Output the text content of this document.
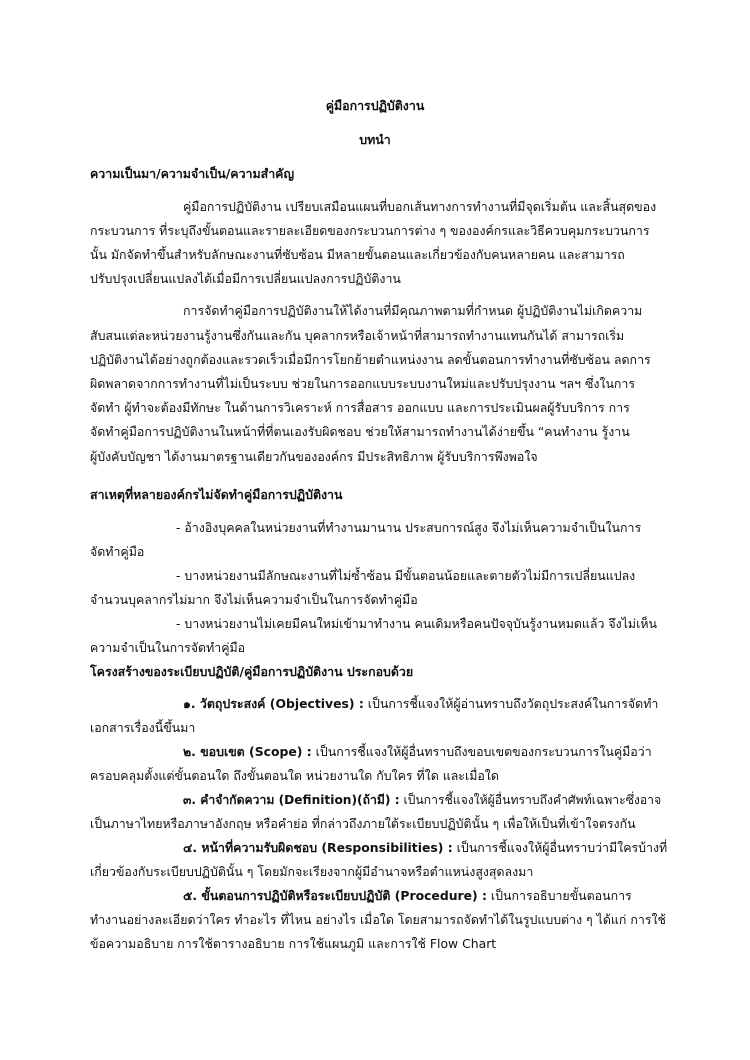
คู่มือการปฏิบัติงาน

บทนำ

ความเป็นมา/ความจำเป็น/ความสำคัญ

คู่มือการปฏิบัติงาน เปรียบเสมือนแผนที่บอกเส้นทางการทำงานที่มีจุดเริ่มต้น และสิ้นสุดของ

กระบวนการ ที่ระบุถึงขั้นตอนและรายละเอียดของกระบวนการต่าง ๆ ขององค์กรและวิธีควบคุมกระบวนการ

นั้น มักจัดทำขึ้นสำหรับลักษณะงานที่ซับซ้อน มีหลายขั้นตอนและเกี่ยวข้องกับคนหลายคน และสามารถ

ปรับปรุงเปลี่ยนแปลงได้เมื่อมีการเปลี่ยนแปลงการปฏิบัติงาน

การจัดทำคู่มือการปฏิบัติงานให้ได้งานที่มีคุณภาพตามที่กำหนด ผู้ปฏิบัติงานไม่เกิดความ

สับสนแต่ละหน่วยงานรู้งานซึ่งกันและกัน บุคลากรหรือเจ้าหน้าที่สามารถทำงานแทนกันได้ สามารถเริ่ม

ปฏิบัติงานได้อย่างถูกต้องและรวดเร็วเมื่อมีการโยกย้ายตำแหน่งงาน ลดขั้นตอนการทำงานที่ซับซ้อน ลดการ

ผิดพลาดจากการทำงานที่ไม่เป็นระบบ ช่วยในการออกแบบระบบงานใหม่และปรับปรุงงาน ฯลฯ ซึ่งในการ

จัดทำ ผู้ทำจะต้องมีทักษะ ในด้านการวิเคราะห์ การสื่อสาร ออกแบบ และการประเมินผลผู้รับบริการ การ

จัดทำคู่มือการปฏิบัติงานในหน้าที่ที่ตนเองรับผิดชอบ ช่วยให้สามารถทำงานได้ง่ายขึ้น “คนทำงาน รู้งาน

ผู้บังคับบัญชา ได้งานมาตรฐานเดียวกันขององค์กร มีประสิทธิภาพ ผู้รับบริการพึงพอใจ

สาเหตุที่หลายองค์กรไม่จัดทำคู่มือการปฏิบัติงาน

- อ้างอิงบุคคลในหน่วยงานที่ทำงานมานาน ประสบการณ์สูง จึงไม่เห็นความจำเป็นในการ

จัดทำคู่มือ

- บางหน่วยงานมีลักษณะงานที่ไม่ซ้ำซ้อน มีขั้นตอนน้อยและตายตัวไม่มีการเปลี่ยนแปลง

จำนวนบุคลากรไม่มาก จึงไม่เห็นความจำเป็นในการจัดทำคู่มือ

- บางหน่วยงานไม่เคยมีคนใหม่เข้ามาทำงาน คนเดิมหรือคนปัจจุบันรู้งานหมดแล้ว จึงไม่เห็น

ความจำเป็นในการจัดทำคู่มือ

โครงสร้างของระเบียบปฏิบัติ/คู่มือการปฏิบัติงาน ประกอบด้วย

๑. วัตถุประสงค์ (Objectives) : เป็นการชี้แจงให้ผู้อ่านทราบถึงวัตถุประสงค์ในการจัดทำ

เอกสารเรื่องนี้ขึ้นมา

๒. ขอบเขต (Scope) : เป็นการชี้แจงให้ผู้อื่นทราบถึงขอบเขตของกระบวนการในคู่มือว่า

ครอบคลุมตั้งแต่ขั้นตอนใด ถึงขั้นตอนใด หน่วยงานใด กับใคร ที่ใด และเมื่อใด

๓. คำจำกัดความ (Definition)(ถ้ามี) : เป็นการชี้แจงให้ผู้อื่นทราบถึงคำศัพท์เฉพาะซึ่งอาจ

เป็นภาษาไทยหรือภาษาอังกฤษ หรือคำย่อ ที่กล่าวถึงภายใต้ระเบียบปฏิบัตินั้น ๆ เพื่อให้เป็นที่เข้าใจตรงกัน

๔. หน้าที่ความรับผิดชอบ (Responsibilities) : เป็นการชี้แจงให้ผู้อื่นทราบว่ามีใครบ้างที่

เกี่ยวข้องกับระเบียบปฏิบัตินั้น ๆ โดยมักจะเรียงจากผู้มีอำนาจหรือตำแหน่งสูงสุดลงมา

๕. ขั้นตอนการปฏิบัติหรือระเบียบปฏิบัติ (Procedure) : เป็นการอธิบายขั้นตอนการ

ทำงานอย่างละเอียดว่าใคร ทำอะไร ที่ไหน อย่างไร เมื่อใด โดยสามารถจัดทำได้ในรูปแบบต่าง ๆ ได้แก่ การใช้

ข้อความอธิบาย การใช้ตารางอธิบาย การใช้แผนภูมิ และการใช้ Flow Chart
